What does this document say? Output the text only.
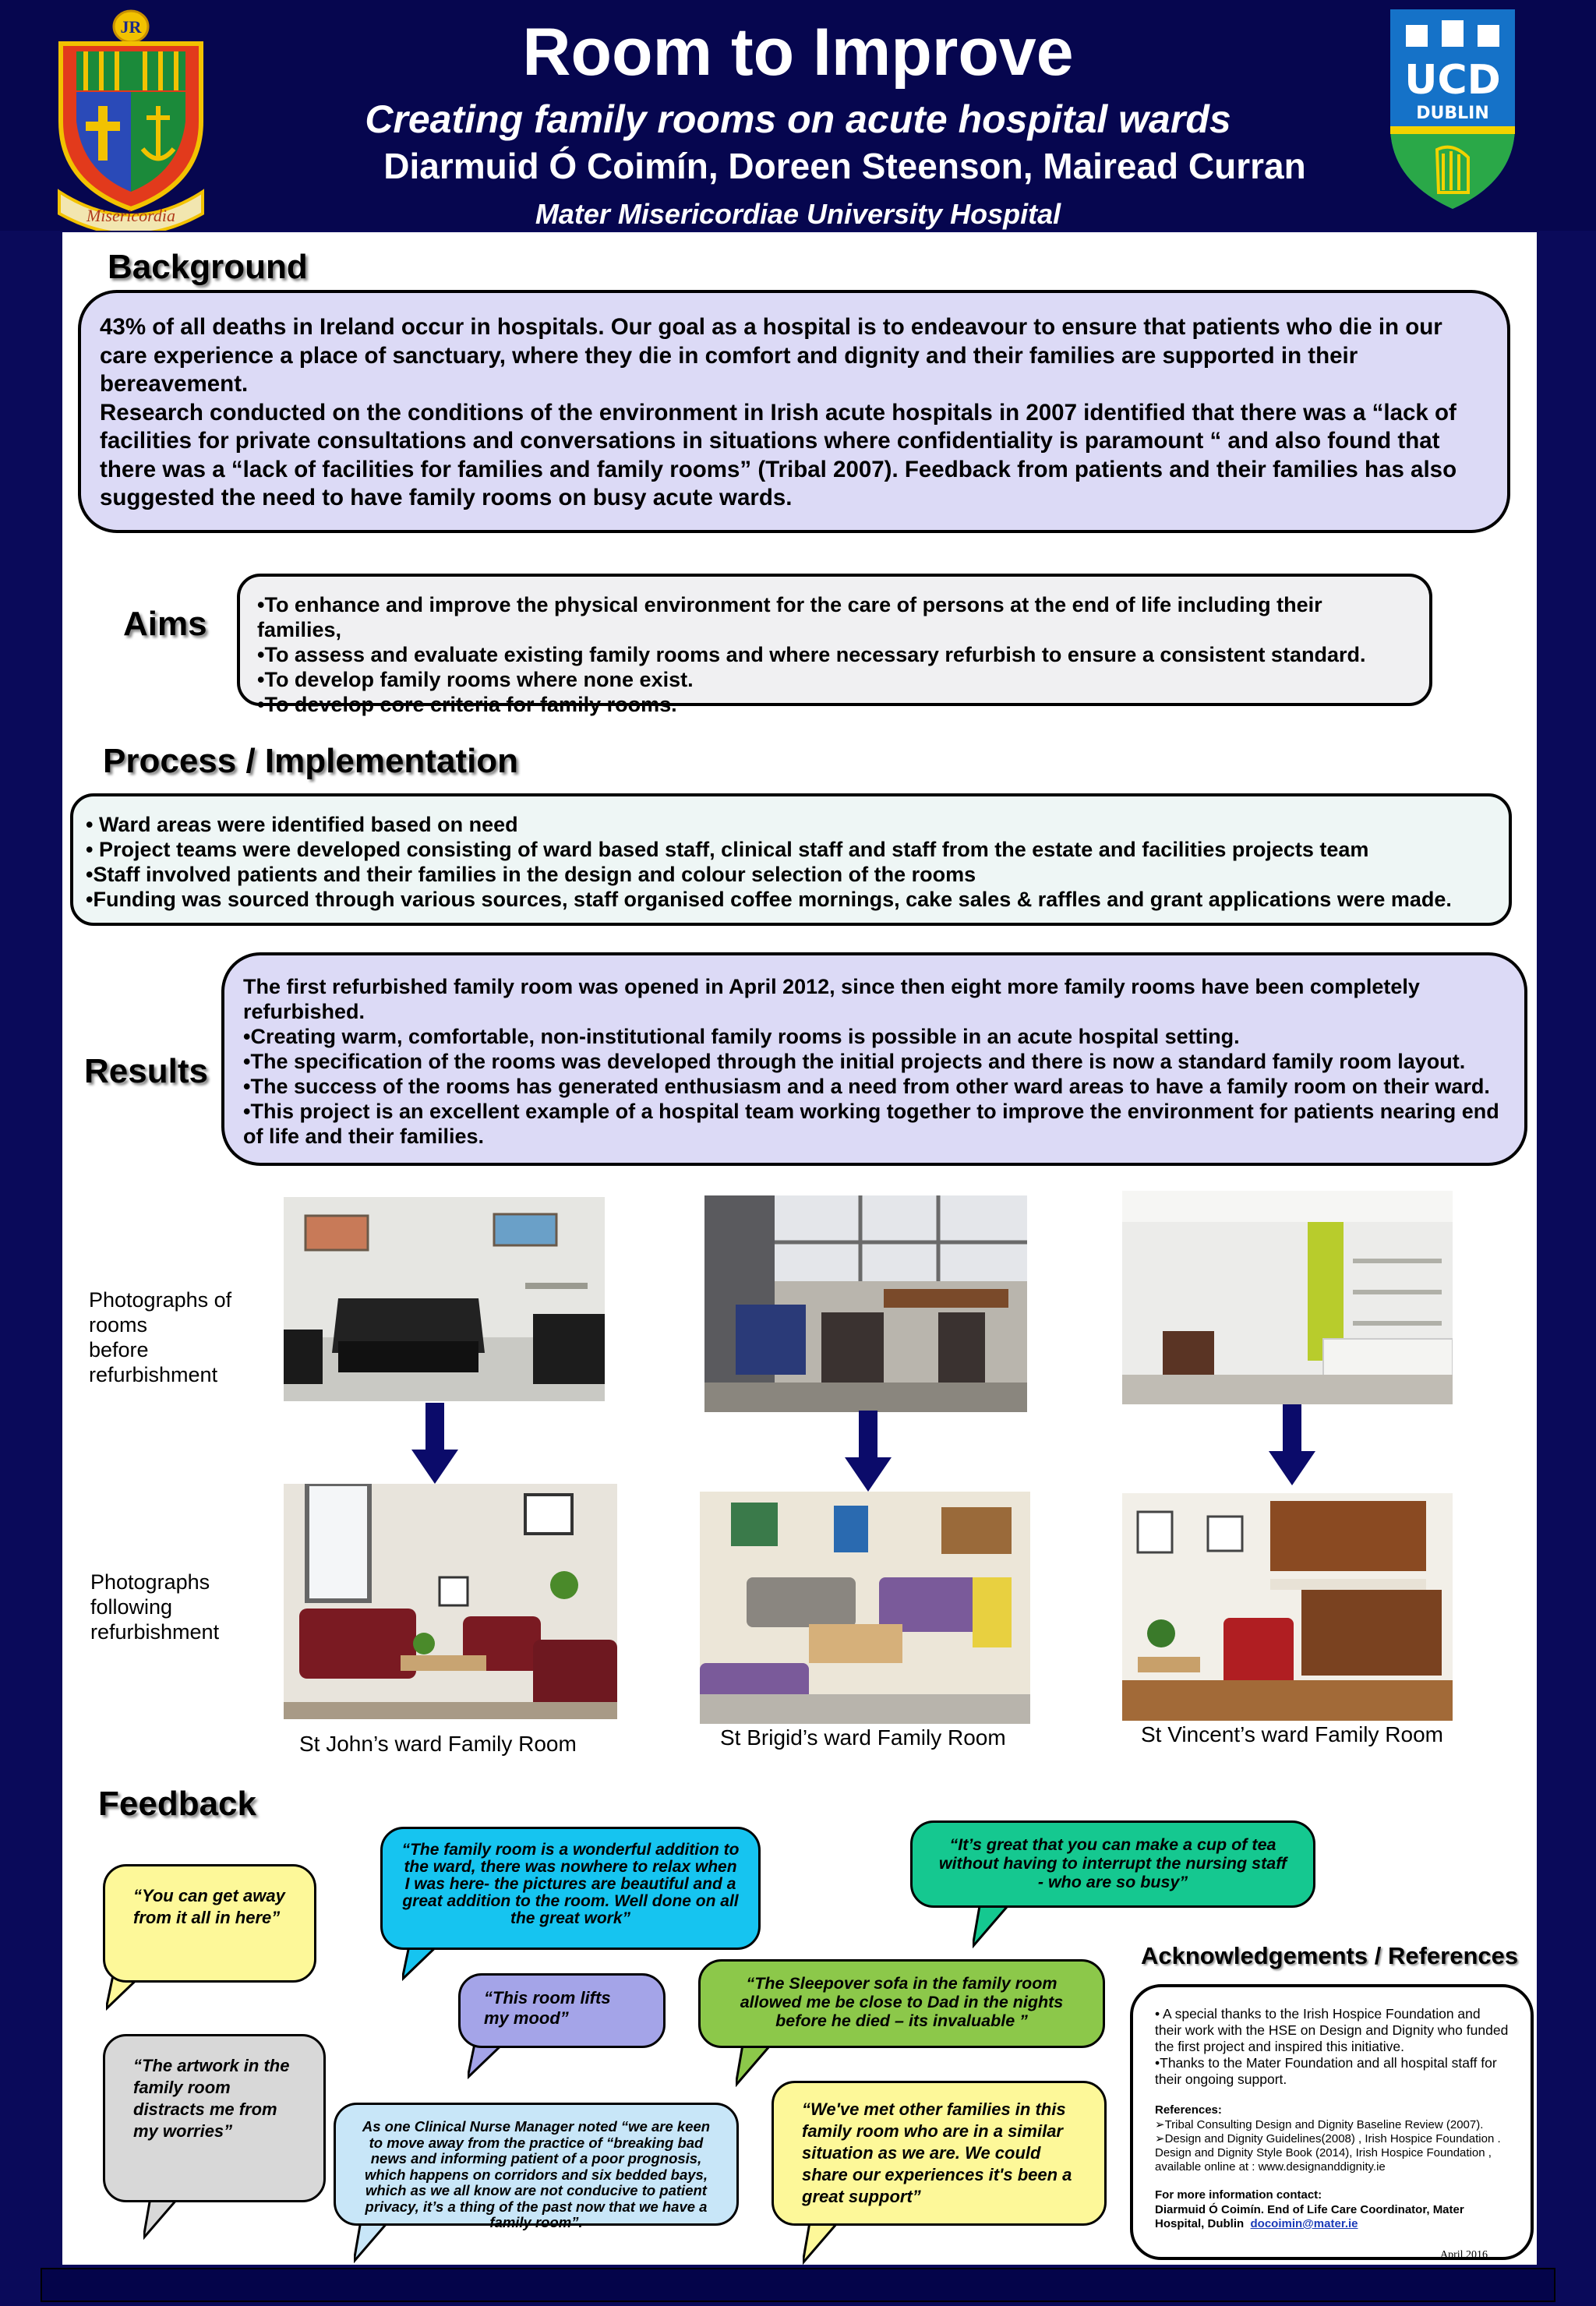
JR
Misericordia
Room to Improve
Creating family rooms on acute hospital wards
Diarmuid Ó Coimín, Doreen Steenson, Mairead Curran
Mater Misericordiae University Hospital
UCD
DUBLIN
Background
43% of all deaths in Ireland occur in hospitals. Our goal as a hospital is to endeavour to ensure that patients who die in our care experience a place of sanctuary, where they die in comfort and dignity and their families are supported in their bereavement.
Research conducted on the conditions of the environment in Irish acute hospitals in 2007 identified that there was a “lack of facilities for private consultations and conversations in situations where confidentiality is paramount “ and also found that there was a “lack of facilities for families and family rooms” (Tribal 2007). Feedback from patients and their families has also suggested the need to have family rooms on busy acute wards.
Aims	•To enhance and improve the physical environment for the care of persons at the end of life including their families,
•To assess and evaluate existing family rooms and where necessary refurbish to ensure a consistent standard.
•To develop family rooms where none exist.
•To develop core criteria for family rooms.
Process / Implementation
• Ward areas were identified based on need
• Project teams were developed consisting of ward based staff, clinical staff and staff from the estate and facilities projects team
•Staff involved patients and their families in the design and colour selection of the rooms
•Funding was sourced through various sources, staff organised coffee mornings, cake sales & raffles and grant applications were made.
Results
The first refurbished family room was opened in April 2012, since then eight more family rooms have been completely refurbished.
•Creating warm, comfortable, non-institutional family rooms is possible in an acute hospital setting.
•The specification of the rooms was developed through the initial projects and there is now a standard family room layout.
•The success of the rooms has generated enthusiasm and a need from other ward areas to have a family room on their ward.
•This project is an excellent example of a hospital team working together to improve the environment for patients nearing end of life and their families.
Photographs of
rooms
before
refurbishment
Photographs
following
refurbishment
St John’s ward Family Room	St Brigid’s ward Family Room	St Vincent’s ward Family Room
Feedback
“You can get away from it all in here”
“The family room is a wonderful addition to the ward, there was nowhere to relax when I was here- the pictures are beautiful and a great addition to the room. Well done on all the great work”
“It’s great that you can make a cup of tea without having to interrupt the nursing staff - who are so busy”
“This room lifts my mood”
“The Sleepover sofa in the family room allowed me be close to Dad in the nights before he died – its invaluable ”
“The artwork in the family room distracts me from my worries”	As one Clinical Nurse Manager noted “we are keen to move away from the practice of “breaking bad news and informing patient of a poor prognosis, which happens on corridors and six bedded bays, which as we all know are not conducive to patient privacy, it’s a thing of the past now that we have a family room”.
“We've met other families in this family room who are in a similar situation as we are. We could share our experiences it's been a great support”
Acknowledgements / References

• A special thanks to the Irish Hospice Foundation and their work with the HSE on Design and Dignity who funded the first project and inspired this initiative.
•Thanks to the Mater Foundation and all hospital staff for their ongoing support.

References:

➢Tribal Consulting Design and Dignity Baseline Review (2007).
➢Design and Dignity Guidelines(2008) , Irish Hospice Foundation .
Design and Dignity Style Book (2014), Irish Hospice Foundation , available online at : www.designanddignity.ie

For more information contact:

Diarmuid Ó Coimín. End of Life Care Coordinator, Mater Hospital, Dublin docoimin@mater.ie

April 2016
